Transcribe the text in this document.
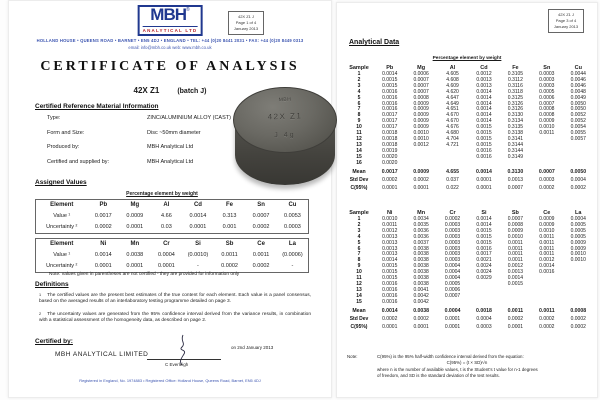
MBH®
ANALYTICAL LTD
42X Z1 J
Page 1 of 4
January 2013
HOLLAND HOUSE • QUEENS ROAD • BARNET • EN5 4DJ • ENGLAND • TEL: +44 (0)20 8441 2031 • FAX: +44 (0)20 8449 0313
email: info@mbh.co.uk web: www.mbh.co.uk
CERTIFICATE OF ANALYSIS
42X Z1	(batch J)
Certified Reference Material Information
Type:	ZINC/ALUMINIUM ALLOY (CAST)
Form and Size:	Disc ~50mm diameter
Produced by:	MBH Analytical Ltd
Certified and supplied by:	MBH Analytical Ltd
Assigned Values
Percentage element by weight
Element	Pb	Mg	Al	Cd	Fe	Sn	Cu
Value ¹	0.0017	0.0009	4.66	0.0014	0.313	0.0007	0.0053
Uncertainty ²	0.0002	0.0001	0.03	0.0001	0.001	0.0002	0.0003
Element	Ni	Mn	Cr	Si	Sb	Ce	La
Value ¹	0.0014	0.0038	0.0004	(0.0010)	0.0011	0.0011	(0.0006)
Uncertainty ²	0.0001	0.0001	0.0001	-	0.0002	0.0002	-
Note: values given in parentheses are not certified - they are provided for information only
Definitions
$^1$ The certified values are the present best estimates of the true content for each element. Each value is a panel consensus, based on the averaged results of an interlaboratory testing programme detailed on page 3.
$^2$ The uncertainty values are generated from the 95% confidence interval derived from the variance results, in combination with a statistical assessment of the homogeneity data, as described on page 2.
Certified by:
MBH ANALYTICAL LIMITED
C Everleigh
on 2nd January 2013
Registered in England, No. 1974883 • Registered Office: Holland House, Queens Road, Barnet, EN5 4DJ
42X Z1 J
Page 3 of 4
January 2013
Analytical Data
Percentage element by weight
Sample	Pb	Mg	Al	Cd	Fe	Sn	Cu
1	0.0014	0.0006	4.605	0.0012	0.3105	0.0003	0.0044
2	0.0015	0.0007	4.608	0.0013	0.3112	0.0003	0.0046
3	0.0015	0.0007	4.609	0.0013	0.3116	0.0003	0.0046
4	0.0016	0.0007	4.620	0.0014	0.3118	0.0005	0.0048
5	0.0016	0.0008	4.647	0.0014	0.3125	0.0006	0.0049
6	0.0016	0.0009	4.649	0.0014	0.3126	0.0007	0.0050
7	0.0016	0.0009	4.651	0.0014	0.3126	0.0008	0.0050
8	0.0017	0.0009	4.670	0.0014	0.3130	0.0008	0.0052
9	0.0017	0.0009	4.670	0.0014	0.3134	0.0009	0.0052
10	0.0017	0.0009	4.676	0.0015	0.3135	0.0010	0.0054
11	0.0018	0.0010	4.680	0.0015	0.3138	0.0011	0.0055
12	0.0018	0.0010	4.704	0.0015	0.3141		0.0057
13	0.0018	0.0012	4.721	0.0015	0.3144		
14	0.0019			0.0016	0.3144		
15	0.0020			0.0016	0.3149		
16	0.0020						
Mean	0.0017	0.0009	4.655	0.0014	0.3130	0.0007	0.0050
Std Dev	0.0002	0.0002	0.037	0.0001	0.0013	0.0003	0.0004
C(95%)	0.0001	0.0001	0.022	0.0001	0.0007	0.0002	0.0002
Sample	Ni	Mn	Cr	Si	Sb	Ce	La
1	0.0010	0.0034	0.0002	0.0014	0.0007	0.0009	0.0004
2	0.0011	0.0035	0.0003	0.0014	0.0008	0.0009	0.0005
3	0.0012	0.0036	0.0003	0.0015	0.0009	0.0010	0.0005
4	0.0013	0.0036	0.0003	0.0015	0.0010	0.0011	0.0005
5	0.0013	0.0037	0.0003	0.0015	0.0011	0.0011	0.0009
6	0.0013	0.0038	0.0003	0.0016	0.0011	0.0011	0.0009
7	0.0013	0.0038	0.0003	0.0017	0.0011	0.0011	0.0010
8	0.0014	0.0038	0.0003	0.0021	0.0011	0.0012	0.0010
9	0.0015	0.0038	0.0004	0.0024	0.0012	0.0014	
10	0.0015	0.0038	0.0004	0.0024	0.0013	0.0016	
11	0.0015	0.0038	0.0004	0.0029	0.0014		
12	0.0016	0.0038	0.0005		0.0015		
13	0.0016	0.0041	0.0006				
14	0.0016	0.0042	0.0007				
15	0.0016	0.0042					
Mean	0.0014	0.0038	0.0004	0.0018	0.0011	0.0011	0.0008
Std Dev	0.0002	0.0002	0.0001	0.0004	0.0002	0.0002	0.0002
C(95%)	0.0001	0.0001	0.0001	0.0003	0.0001	0.0002	0.0002
Note:	C(95%) is the 95% half-width confidence interval derived from the equation:
C(95%) = (t × SD)⁄√n
where n is the number of available values, t is the Student's t value for n-1 degrees
of freedom, and SD is the standard deviation of the test results.
MBH
42X Z1
J 4g
